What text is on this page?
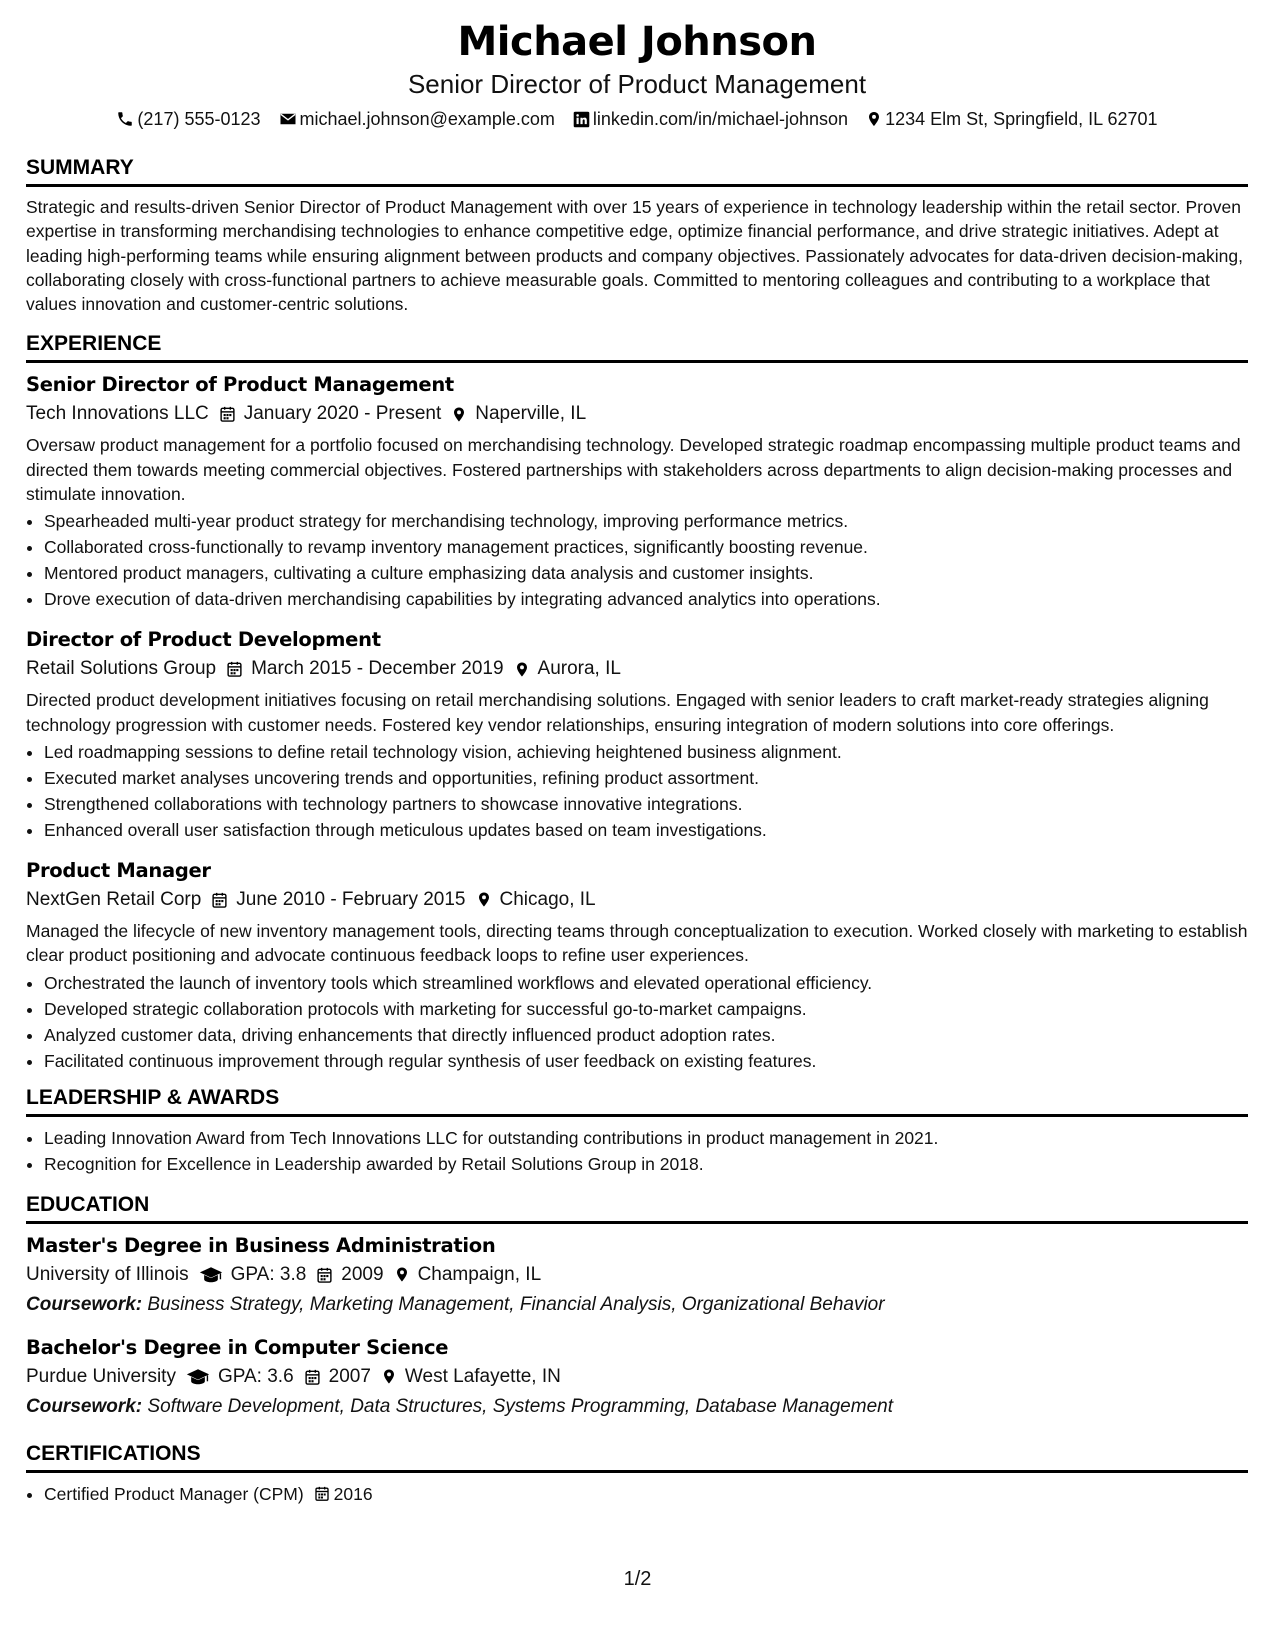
Michael Johnson
Senior Director of Product Management
(217) 555-0123 michael.johnson@example.com linkedin.com/in/michael-johnson 1234 Elm St, Springfield, IL 62701
SUMMARY
Strategic and results-driven Senior Director of Product Management with over 15 years of experience in technology leadership within the retail sector. Proven expertise in transforming merchandising technologies to enhance competitive edge, optimize financial performance, and drive strategic initiatives. Adept at leading high-performing teams while ensuring alignment between products and company objectives. Passionately advocates for data-driven decision-making, collaborating closely with cross-functional partners to achieve measurable goals. Committed to mentoring colleagues and contributing to a workplace that values innovation and customer-centric solutions.
EXPERIENCE
Senior Director of Product Management
Tech Innovations LLC January 2020 - Present Naperville, IL
Oversaw product management for a portfolio focused on merchandising technology. Developed strategic roadmap encompassing multiple product teams and directed them towards meeting commercial objectives. Fostered partnerships with stakeholders across departments to align decision-making processes and stimulate innovation.
• Spearheaded multi-year product strategy for merchandising technology, improving performance metrics.
• Collaborated cross-functionally to revamp inventory management practices, significantly boosting revenue.
• Mentored product managers, cultivating a culture emphasizing data analysis and customer insights.
• Drove execution of data-driven merchandising capabilities by integrating advanced analytics into operations.
Director of Product Development
Retail Solutions Group March 2015 - December 2019 Aurora, IL
Directed product development initiatives focusing on retail merchandising solutions. Engaged with senior leaders to craft market-ready strategies aligning technology progression with customer needs. Fostered key vendor relationships, ensuring integration of modern solutions into core offerings.
• Led roadmapping sessions to define retail technology vision, achieving heightened business alignment.
• Executed market analyses uncovering trends and opportunities, refining product assortment.
• Strengthened collaborations with technology partners to showcase innovative integrations.
• Enhanced overall user satisfaction through meticulous updates based on team investigations.
Product Manager
NextGen Retail Corp June 2010 - February 2015 Chicago, IL
Managed the lifecycle of new inventory management tools, directing teams through conceptualization to execution. Worked closely with marketing to establish clear product positioning and advocate continuous feedback loops to refine user experiences.
• Orchestrated the launch of inventory tools which streamlined workflows and elevated operational efficiency.
• Developed strategic collaboration protocols with marketing for successful go-to-market campaigns.
• Analyzed customer data, driving enhancements that directly influenced product adoption rates.
• Facilitated continuous improvement through regular synthesis of user feedback on existing features.
LEADERSHIP & AWARDS
• Leading Innovation Award from Tech Innovations LLC for outstanding contributions in product management in 2021.
• Recognition for Excellence in Leadership awarded by Retail Solutions Group in 2018.
EDUCATION
Master's Degree in Business Administration
University of Illinois GPA: 3.8 2009 Champaign, IL
Coursework: Business Strategy, Marketing Management, Financial Analysis, Organizational Behavior
Bachelor's Degree in Computer Science
Purdue University GPA: 3.6 2007 West Lafayette, IN
Coursework: Software Development, Data Structures, Systems Programming, Database Management
CERTIFICATIONS
• Certified Product Manager (CPM) 2016
1/2
